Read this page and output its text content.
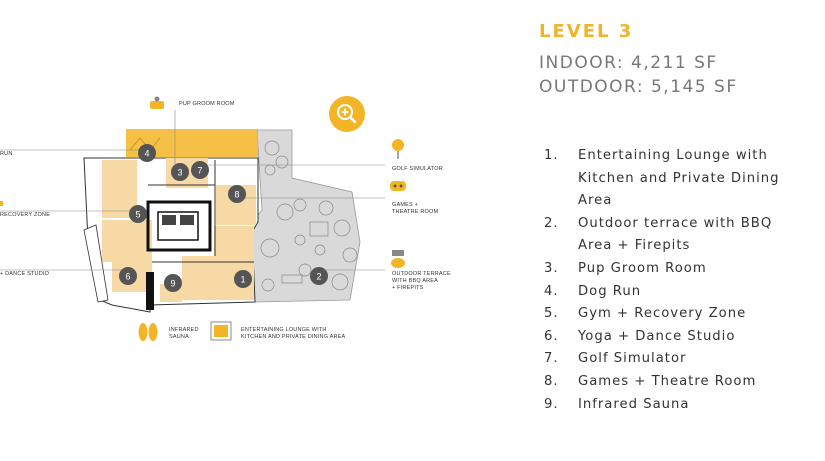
1	2
3
4
5
6
7
8
9
PUP GROOM ROOM
RUN
RECOVERY ZONE
+ DANCE STUDIO
GOLF SIMULATOR
GAMES +
THEATRE ROOM
OUTDOOR TERRACE
WITH BBQ AREA
+ FIREPITS
INFRARED
SAUNA
ENTERTAINING LOUNGE WITH
KITCHEN AND PRIVATE DINING AREA
LEVEL 3
INDOOR: 4,211 SF
OUTDOOR: 5,145 SF
1. Entertaining Lounge with Kitchen and Private Dining Area
2. Outdoor terrace with BBQ Area + Firepits
3. Pup Groom Room
4. Dog Run
5. Gym + Recovery Zone
6. Yoga + Dance Studio
7. Golf Simulator
8. Games + Theatre Room
9. Infrared Sauna
